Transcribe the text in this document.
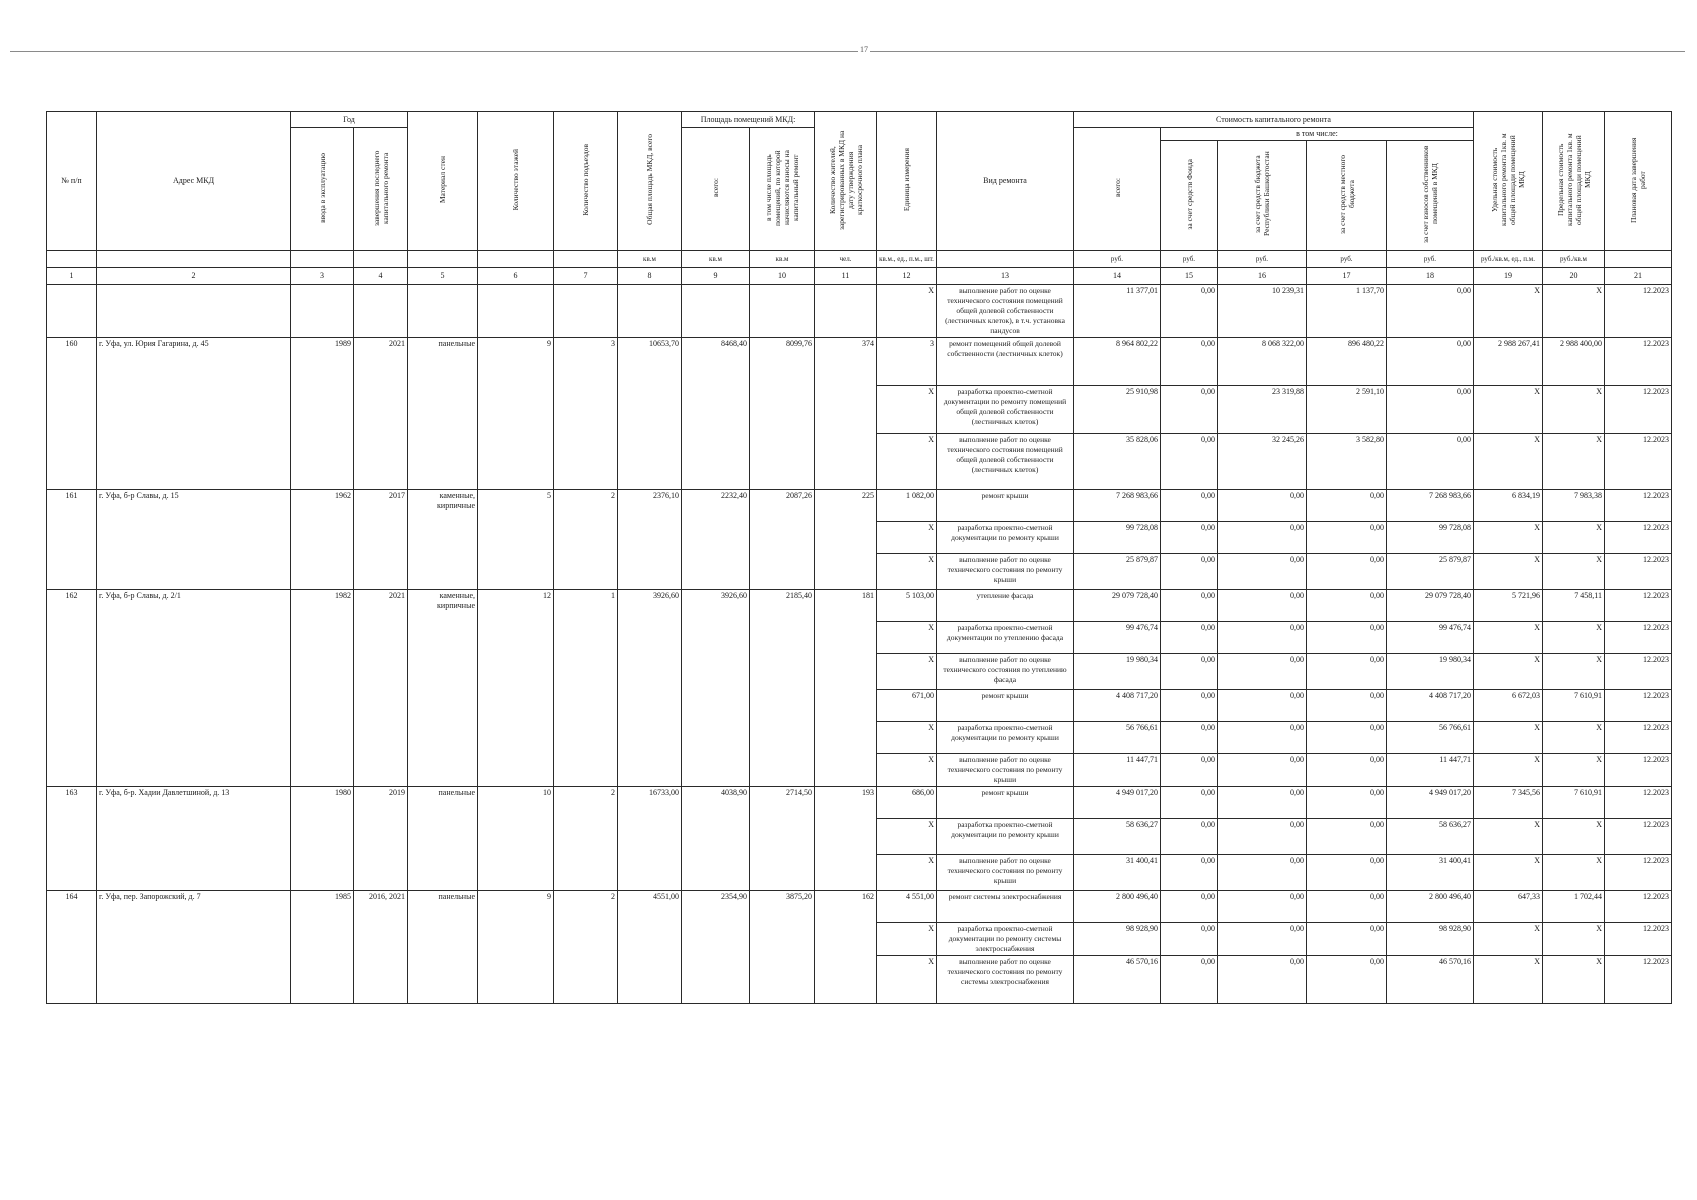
17
№ п/п	Адрес МКД	Год		Материал стен	Количество этажей	Количество подъездов	Общая площадь МКД, всего	Площадь помещений МКД:		Количество жителей, зарегистрированных в МКД на дату утверждения краткосрочного плана	Единица измерения	Вид ремонта	Стоимость капитального ремонта					Удельная стоимость капитального ремонта 1кв. м общей площади помещений МКД	Предельная стоимость капитального ремонта 1кв. м общей площади помещений МКД	Плановая дата завершения работ
		ввода в эксплуатацию	завершения последнего капитального ремонта					всего:	в том числе площадь помещений, по которой начисляются взносы на капитальный ремонт				всего:	в том числе:						
														за счет средств Фонда	за счет средств бюджета Республики Башкортостан	за счет средств местного бюджета	за счет взносов собственников помещений в МКД			
							кв.м	кв.м	кв.м	чел.	кв.м., ед., п.м., шт.		руб.	руб.	руб.	руб.	руб.	руб./кв.м, ед., п.м.	руб./кв.м	
1	2	3	4	5	6	7	8	9	10	11	12	13	14	15	16	17	18	19	20	21
											X	выполнение работ по оценке технического состояния помещений общей долевой собственности (лестничных клеток), в т.ч. установка пандусов	11 377,01	0,00	10 239,31	1 137,70	0,00	X	X	12.2023
160	г. Уфа, ул. Юрия Гагарина, д. 45	1989	2021	панельные	9	3	10653,70	8468,40	8099,76	374	3	ремонт помещений общей долевой собственности (лестничных клеток)	8 964 802,22	0,00	8 068 322,00	896 480,22	0,00	2 988 267,41	2 988 400,00	12.2023
											X	разработка проектно-сметной документации по ремонту помещений общей долевой собственности (лестничных клеток)	25 910,98	0,00	23 319,88	2 591,10	0,00	X	X	12.2023
											X	выполнение работ по оценке технического состояния помещений общей долевой собственности (лестничных клеток)	35 828,06	0,00	32 245,26	3 582,80	0,00	X	X	12.2023
161	г. Уфа, б-р Славы, д. 15	1962	2017	каменные, кирпичные	5	2	2376,10	2232,40	2087,26	225	1 082,00	ремонт крыши	7 268 983,66	0,00	0,00	0,00	7 268 983,66	6 834,19	7 983,38	12.2023
											X	разработка проектно-сметной документации по ремонту крыши	99 728,08	0,00	0,00	0,00	99 728,08	X	X	12.2023
											X	выполнение работ по оценке технического состояния по ремонту крыши	25 879,87	0,00	0,00	0,00	25 879,87	X	X	12.2023
162	г. Уфа, б-р Славы, д. 2/1	1982	2021	каменные, кирпичные	12	1	3926,60	3926,60	2185,40	181	5 103,00	утепление фасада	29 079 728,40	0,00	0,00	0,00	29 079 728,40	5 721,96	7 458,11	12.2023
											X	разработка проектно-сметной документации по утеплению фасада	99 476,74	0,00	0,00	0,00	99 476,74	X	X	12.2023
											X	выполнение работ по оценке технического состояния по утеплению фасада	19 980,34	0,00	0,00	0,00	19 980,34	X	X	12.2023
											671,00	ремонт крыши	4 408 717,20	0,00	0,00	0,00	4 408 717,20	6 672,03	7 610,91	12.2023
											X	разработка проектно-сметной документации по ремонту крыши	56 766,61	0,00	0,00	0,00	56 766,61	X	X	12.2023
											X	выполнение работ по оценке технического состояния по ремонту крыши	11 447,71	0,00	0,00	0,00	11 447,71	X	X	12.2023
163	г. Уфа, б-р. Хадии Давлетшиной, д. 13	1980	2019	панельные	10	2	16733,00	4038,90	2714,50	193	686,00	ремонт крыши	4 949 017,20	0,00	0,00	0,00	4 949 017,20	7 345,56	7 610,91	12.2023
											X	разработка проектно-сметной документации по ремонту крыши	58 636,27	0,00	0,00	0,00	58 636,27	X	X	12.2023
											X	выполнение работ по оценке технического состояния по ремонту крыши	31 400,41	0,00	0,00	0,00	31 400,41	X	X	12.2023
164	г. Уфа, пер. Запорожский, д. 7	1985	2016, 2021	панельные	9	2	4551,00	2354,90	3875,20	162	4 551,00	ремонт системы электроснабжения	2 800 496,40	0,00	0,00	0,00	2 800 496,40	647,33	1 702,44	12.2023
											X	разработка проектно-сметной документации по ремонту системы электроснабжения	98 928,90	0,00	0,00	0,00	98 928,90	X	X	12.2023
											X	выполнение работ по оценке технического состояния по ремонту системы электроснабжения	46 570,16	0,00	0,00	0,00	46 570,16	X	X	12.2023
